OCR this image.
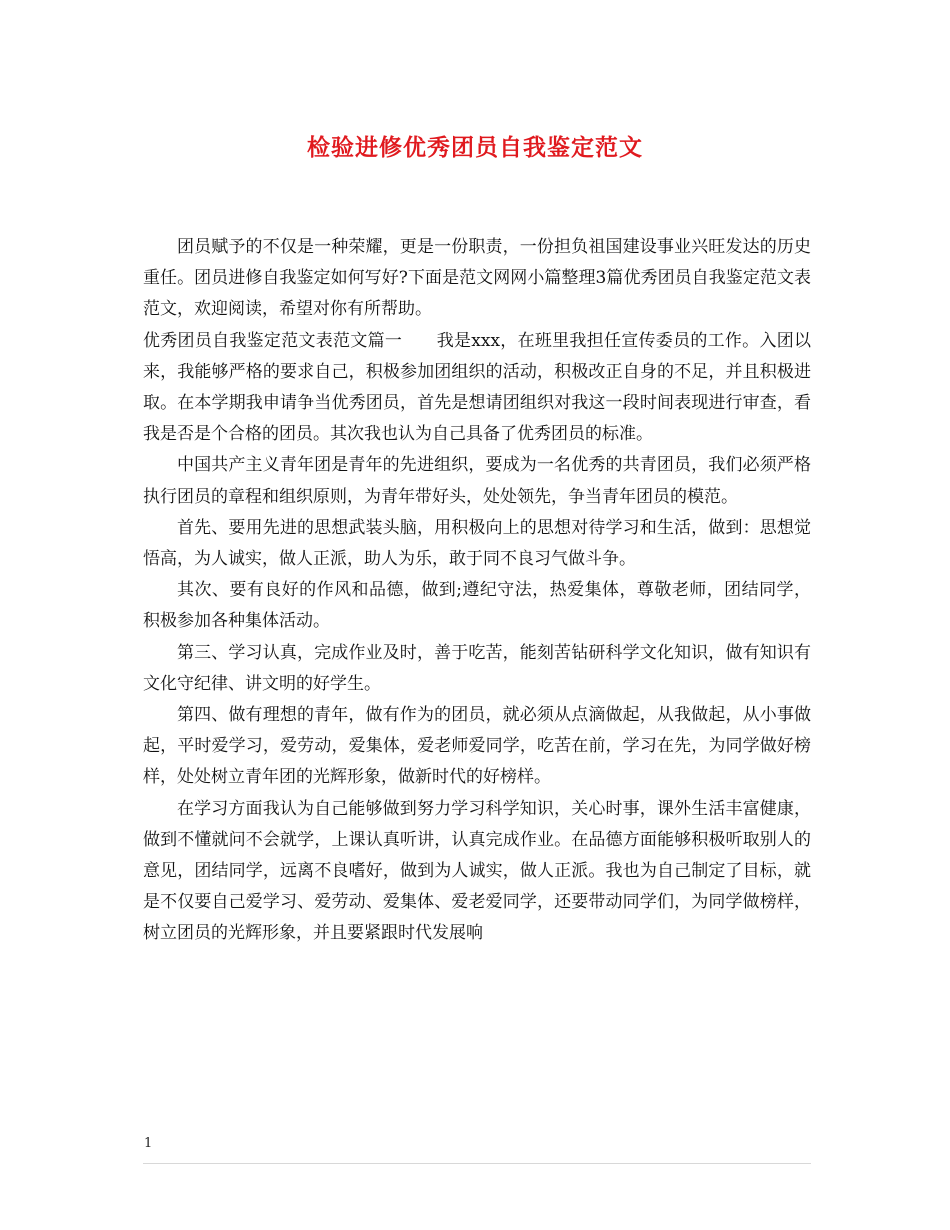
检验进修优秀团员自我鉴定范文

团员赋予的不仅是一种荣耀，更是一份职责，一份担负祖国建设事业兴旺发达的历史重任。团员进修自我鉴定如何写好?下面是范文网网小篇整理3篇优秀团员自我鉴定范文表范文，欢迎阅读，希望对你有所帮助。

优秀团员自我鉴定范文表范文篇一　　 我是xxx，在班里我担任宣传委员的工作。入团以来，我能够严格的要求自己，积极参加团组织的活动，积极改正自身的不足，并且积极进取。在本学期我申请争当优秀团员，首先是想请团组织对我这一段时间表现进行审查，看我是否是个合格的团员。其次我也认为自己具备了优秀团员的标准。

中国共产主义青年团是青年的先进组织，要成为一名优秀的共青团员，我们必须严格执行团员的章程和组织原则，为青年带好头，处处领先，争当青年团员的模范。

首先、要用先进的思想武装头脑，用积极向上的思想对待学习和生活，做到：思想觉悟高，为人诚实，做人正派，助人为乐，敢于同不良习气做斗争。

其次、要有良好的作风和品德，做到;遵纪守法，热爱集体，尊敬老师，团结同学，积极参加各种集体活动。

第三、学习认真，完成作业及时，善于吃苦，能刻苦钻研科学文化知识，做有知识有文化守纪律、讲文明的好学生。

第四、做有理想的青年，做有作为的团员，就必须从点滴做起，从我做起，从小事做起，平时爱学习，爱劳动，爱集体，爱老师爱同学，吃苦在前，学习在先，为同学做好榜样，处处树立青年团的光辉形象，做新时代的好榜样。

在学习方面我认为自己能够做到努力学习科学知识，关心时事，课外生活丰富健康，做到不懂就问不会就学，上课认真听讲，认真完成作业。在品德方面能够积极听取别人的意见，团结同学，远离不良嗜好，做到为人诚实，做人正派。我也为自己制定了目标，就是不仅要自己爱学习、爱劳动、爱集体、爱老爱同学，还要带动同学们，为同学做榜样，树立团员的光辉形象，并且要紧跟时代发展响

1
